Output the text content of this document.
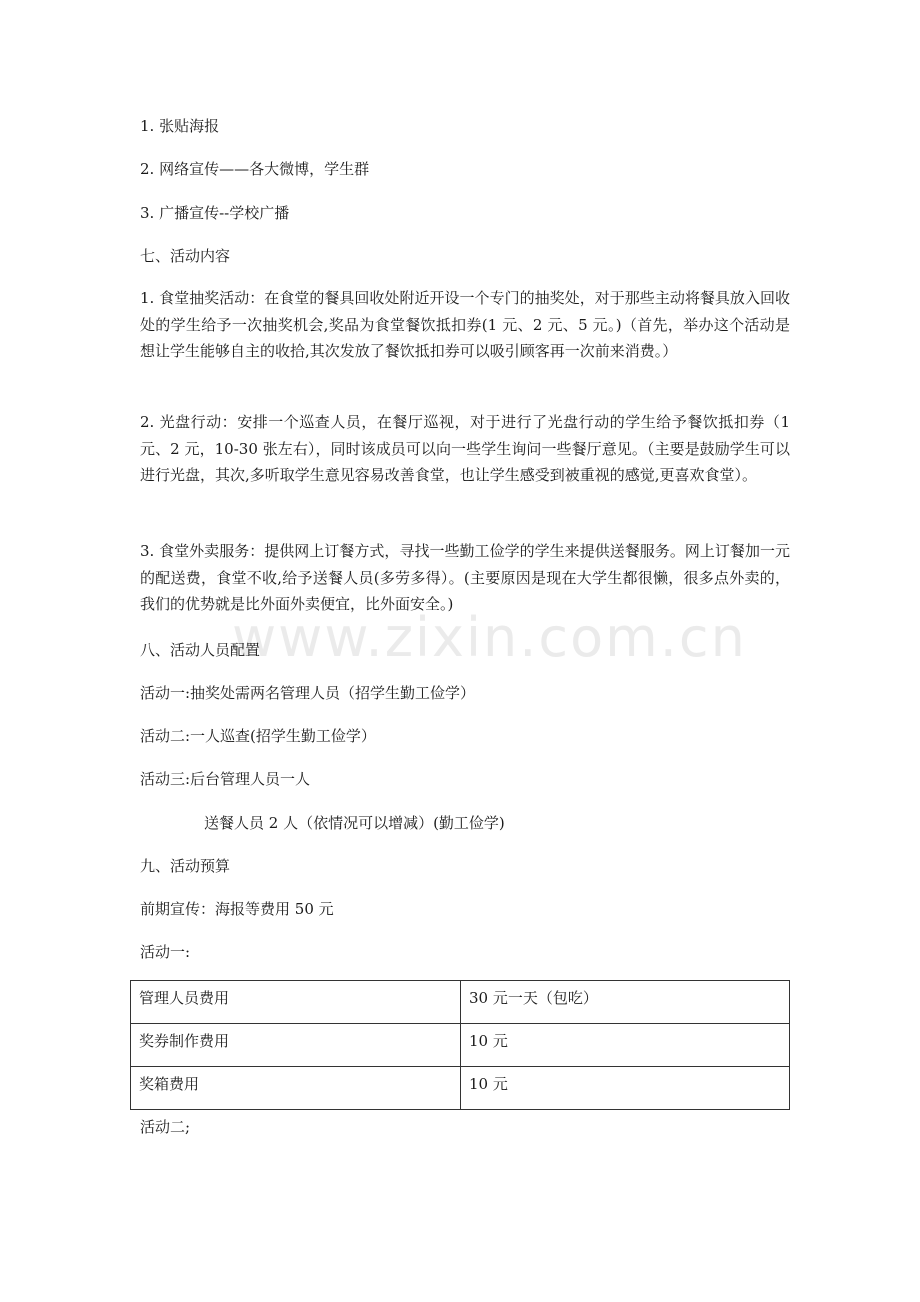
www.zixin.com.cn
1. 张贴海报
2. 网络宣传——各大微博，学生群
3. 广播宣传--学校广播
七、活动内容
1. 食堂抽奖活动：在食堂的餐具回收处附近开设一个专门的抽奖处，对于那些主动将餐具放入回收处的学生给予一次抽奖机会,奖品为食堂餐饮抵扣券(1 元、2 元、5 元。)（首先，举办这个活动是想让学生能够自主的收拾,其次发放了餐饮抵扣券可以吸引顾客再一次前来消费。）
2. 光盘行动：安排一个巡查人员，在餐厅巡视，对于进行了光盘行动的学生给予餐饮抵扣券（1 元、2 元，10-30 张左右），同时该成员可以向一些学生询问一些餐厅意见。（主要是鼓励学生可以进行光盘，其次,多听取学生意见容易改善食堂，也让学生感受到被重视的感觉,更喜欢食堂）。
3. 食堂外卖服务：提供网上订餐方式，寻找一些勤工俭学的学生来提供送餐服务。网上订餐加一元的配送费，食堂不收,给予送餐人员(多劳多得）。(主要原因是现在大学生都很懒，很多点外卖的，我们的优势就是比外面外卖便宜，比外面安全。)
八、活动人员配置
活动一:抽奖处需两名管理人员（招学生勤工俭学）
活动二:一人巡查(招学生勤工俭学）
活动三:后台管理人员一人
送餐人员 2 人（依情况可以增减）(勤工俭学)
九、活动预算
前期宣传：海报等费用 50 元
活动一:
管理人员费用	30 元一天（包吃）
奖券制作费用	10 元
奖箱费用	10 元
活动二;
